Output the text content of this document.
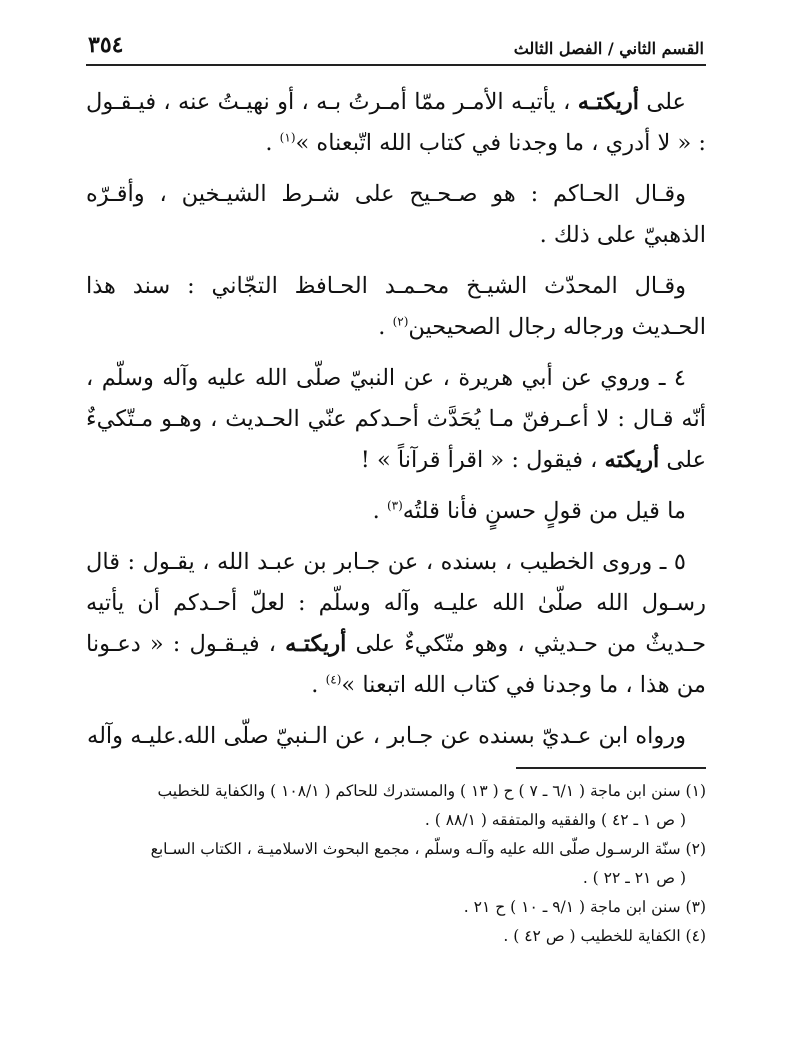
القسم الثاني / الفصل الثالث
٣٥٤

على أريكتـه ، يأتيـه الأمـر ممّا أمـرتُ بـه ، أو نهيـتُ عنه ، فيـقـول : « لا أدري ، ما وجدنا في كتاب الله اتّبعناه »$^{(١)}$ .

وقـال الحـاكم : هو صـحـيح على شـرط الشيـخين ، وأقـرّه الذهبيّ على ذلك .

وقـال المحدّث الشيـخ محـمـد الحـافظ التجّاني : سند هذا الحـديث ورجاله رجال الصحيحين$^{(٢)}$ .

٤ ـ وروي عن أبي هريرة ، عن النبيّ صلّى الله عليه وآله وسلّم ، أنّه قـال : لا أعـرفنّ مـا يُحَدَّث أحـدكم عنّي الحـديث ، وهـو مـتّكيءٌ على أريكته ، فيقول : « اقرأ قرآناً » !

ما قيل من قولٍ حسنٍ فأنا قلتُه$^{(٣)}$ .

٥ ـ وروى الخطيب ، بسنده ، عن جـابر بن عبـد الله ، يقـول : قال رسـول الله صلّىٰ الله عليـه وآله وسلّم : لعلّ أحـدكم أن يأتيه حـديثٌ من حـديثي ، وهو متّكيءٌ على أريكتـه ، فيـقـول : « دعـونا من هذا ، ما وجدنا في كتاب الله اتبعنا »$^{(٤)}$ .

ورواه ابن عـديّ بسنده عن جـابر ، عن الـنبيّ صلّى الله.عليـه وآله

(١) سنن ابن ماجة ( ٦/١ ـ ٧ ) ح ( ١٣ ) والمستدرك للحاكم ( ١٠٨/١ ) والكفاية للخطيب
( ص ١ ـ ٤٢ ) والفقيه والمتفقه ( ٨٨/١ ) .

(٢) سنّة الرسـول صلّى الله عليه وآلـه وسلّم ، مجمع البحوث الاسلاميـة ، الكتاب السـابع
( ص ٢١ ـ ٢٢ ) .

(٣) سنن ابن ماجة ( ٩/١ ـ ١٠ ) ح ٢١ .

(٤) الكفاية للخطيب ( ص ٤٢ ) .
